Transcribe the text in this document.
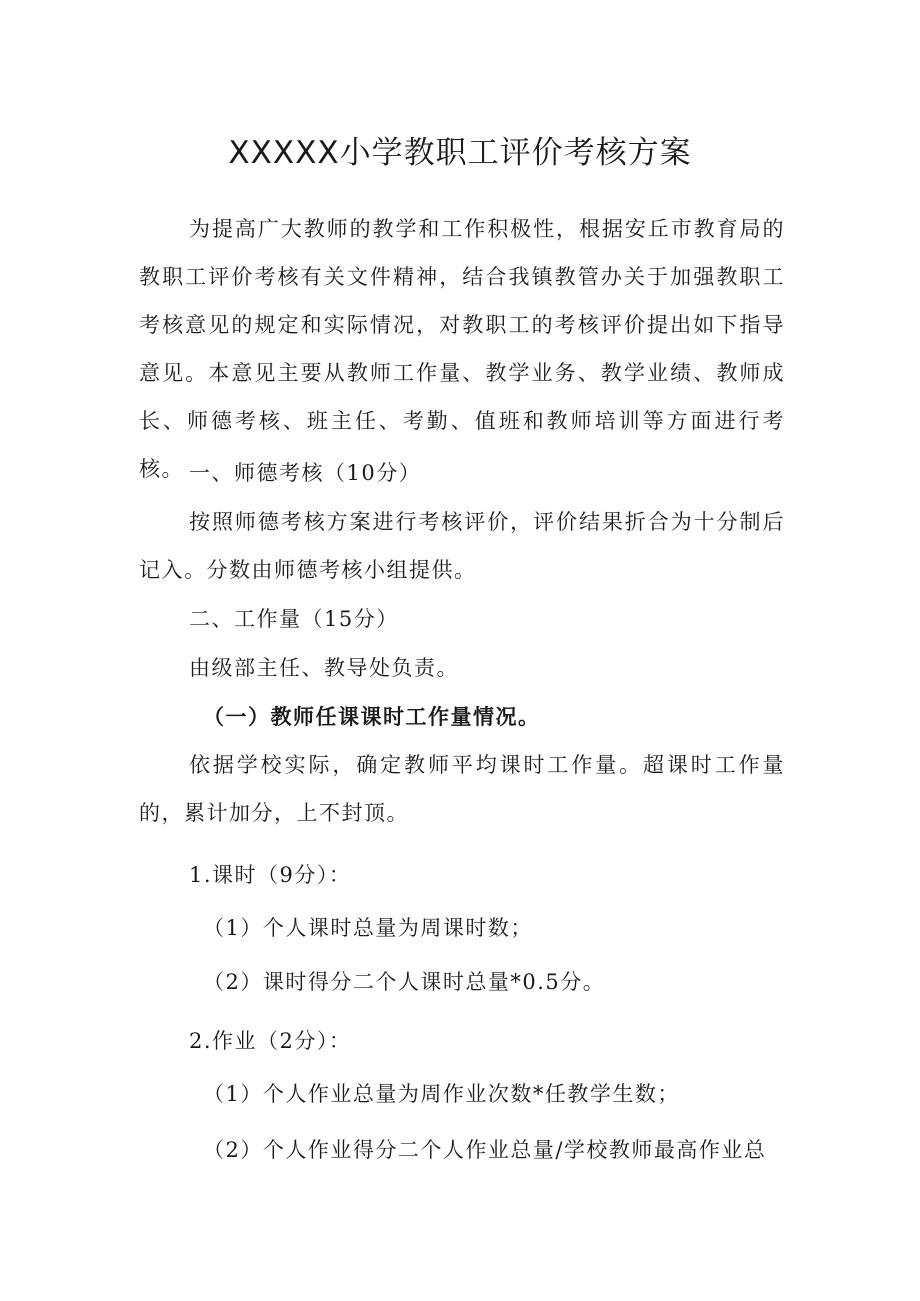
XXXXX小学教职工评价考核方案

为提高广大教师的教学和工作积极性，根据安丘市教育局的教职工评价考核有关文件精神，结合我镇教管办关于加强教职工考核意见的规定和实际情况，对教职工的考核评价提出如下指导意见。本意见主要从教师工作量、教学业务、教学业绩、教师成长、师德考核、班主任、考勤、值班和教师培训等方面进行考核。 一、师德考核（10分）

按照师德考核方案进行考核评价，评价结果折合为十分制后记入。分数由师德考核小组提供。

二、工作量（15分）

由级部主任、教导处负责。

（一）教师任课课时工作量情况。

依据学校实际，确定教师平均课时工作量。超课时工作量的，累计加分，上不封顶。

1.课时（9分）：

（1）个人课时总量为周课时数；

（2）课时得分二个人课时总量*0.5分。

2.作业（2分）：

（1）个人作业总量为周作业次数*任教学生数；

（2）个人作业得分二个人作业总量/学校教师最高作业总
